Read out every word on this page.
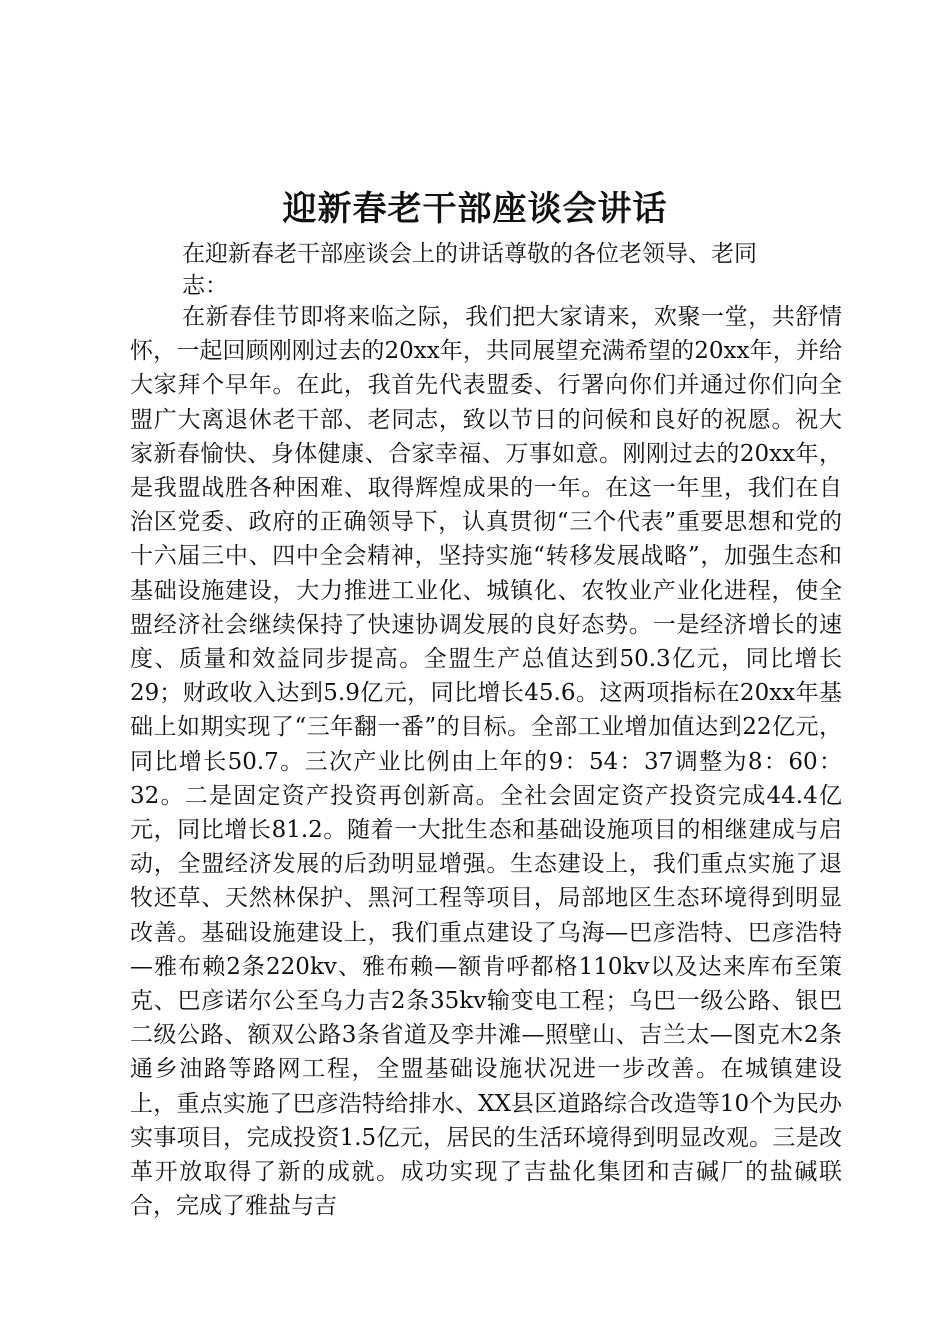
迎新春老干部座谈会讲话

在迎新春老干部座谈会上的讲话尊敬的各位老领导、老同志：

在新春佳节即将来临之际，我们把大家请来，欢聚一堂，共舒情怀，一起回顾刚刚过去的20xx年，共同展望充满希望的20xx年，并给大家拜个早年。在此，我首先代表盟委、行署向你们并通过你们向全盟广大离退休老干部、老同志，致以节日的问候和良好的祝愿。祝大家新春愉快、身体健康、合家幸福、万事如意。刚刚过去的20xx年，是我盟战胜各种困难、取得辉煌成果的一年。在这一年里，我们在自治区党委、政府的正确领导下，认真贯彻“三个代表”重要思想和党的十六届三中、四中全会精神，坚持实施“转移发展战略”，加强生态和基础设施建设，大力推进工业化、城镇化、农牧业产业化进程，使全盟经济社会继续保持了快速协调发展的良好态势。一是经济增长的速度、质量和效益同步提高。全盟生产总值达到50.3亿元，同比增长29；财政收入达到5.9亿元，同比增长45.6。这两项指标在20xx年基础上如期实现了“三年翻一番”的目标。全部工业增加值达到22亿元，同比增长50.7。三次产业比例由上年的9：54：37调整为8：60：32。二是固定资产投资再创新高。全社会固定资产投资完成44.4亿元，同比增长81.2。随着一大批生态和基础设施项目的相继建成与启动，全盟经济发展的后劲明显增强。生态建设上，我们重点实施了退牧还草、天然林保护、黑河工程等项目，局部地区生态环境得到明显改善。基础设施建设上，我们重点建设了乌海—巴彦浩特、巴彦浩特—雅布赖2条220kv、雅布赖—额肯呼都格110kv以及达来库布至策克、巴彦诺尔公至乌力吉2条35kv输变电工程；乌巴一级公路、银巴二级公路、额双公路3条省道及孪井滩—照壁山、吉兰太—图克木2条通乡油路等路网工程，全盟基础设施状况进一步改善。在城镇建设上，重点实施了巴彦浩特给排水、XX县区道路综合改造等10个为民办实事项目，完成投资1.5亿元，居民的生活环境得到明显改观。三是改革开放取得了新的成就。成功实现了吉盐化集团和吉碱厂的盐碱联合，完成了雅盐与吉
